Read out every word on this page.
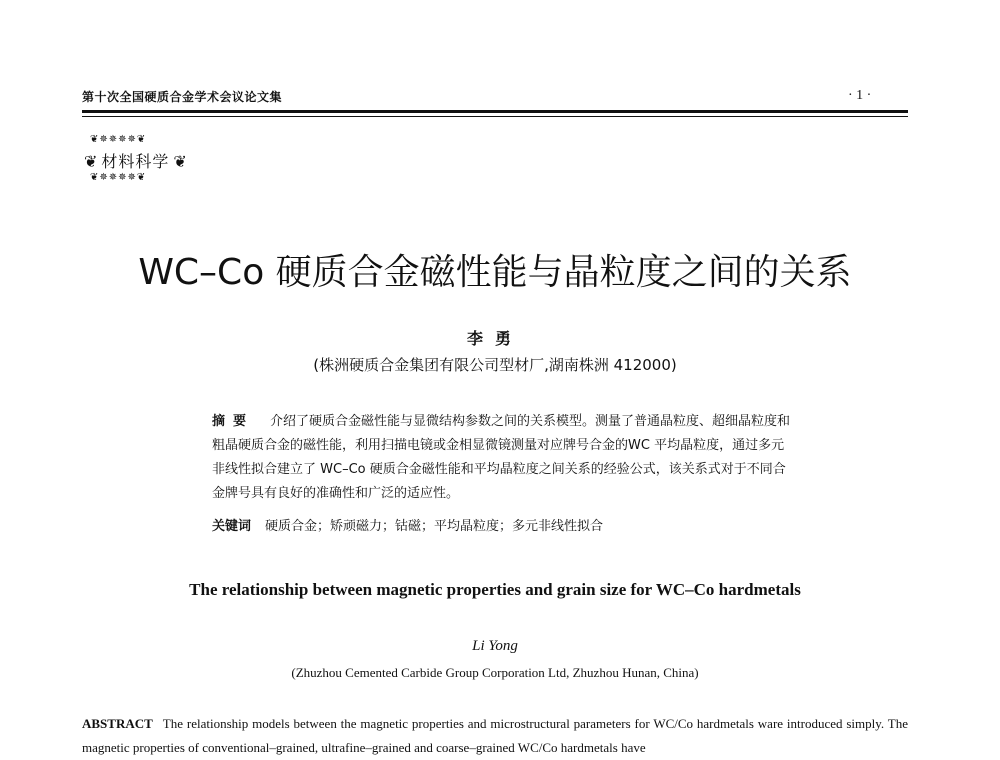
第十次全国硬质合金学术会议论文集	· 1 ·
❦✵✵✵✵❦
❦ 材料科学 ❦
❦✵✵✵✵❦
WC–Co 硬质合金磁性能与晶粒度之间的关系
李勇
(株洲硬质合金集团有限公司型材厂,湖南株洲 412000)
摘要 介绍了硬质合金磁性能与显微结构参数之间的关系模型。测量了普通晶粒度、超细晶粒度和粗晶硬质合金的磁性能，利用扫描电镜或金相显微镜测量对应牌号合金的WC 平均晶粒度，通过多元非线性拟合建立了 WC–Co 硬质合金磁性能和平均晶粒度之间关系的经验公式，该关系式对于不同合金牌号具有良好的准确性和广泛的适应性。
关键词 硬质合金；矫顽磁力；钴磁；平均晶粒度；多元非线性拟合
The relationship between magnetic properties and grain size for WC–Co hardmetals
Li Yong
(Zhuzhou Cemented Carbide Group Corporation Ltd, Zhuzhou Hunan, China)
ABSTRACT The relationship models between the magnetic properties and microstructural parameters for WC/Co hardmetals ware introduced simply. The magnetic properties of conventional–grained, ultrafine–grained and coarse–grained WC/Co hardmetals have
